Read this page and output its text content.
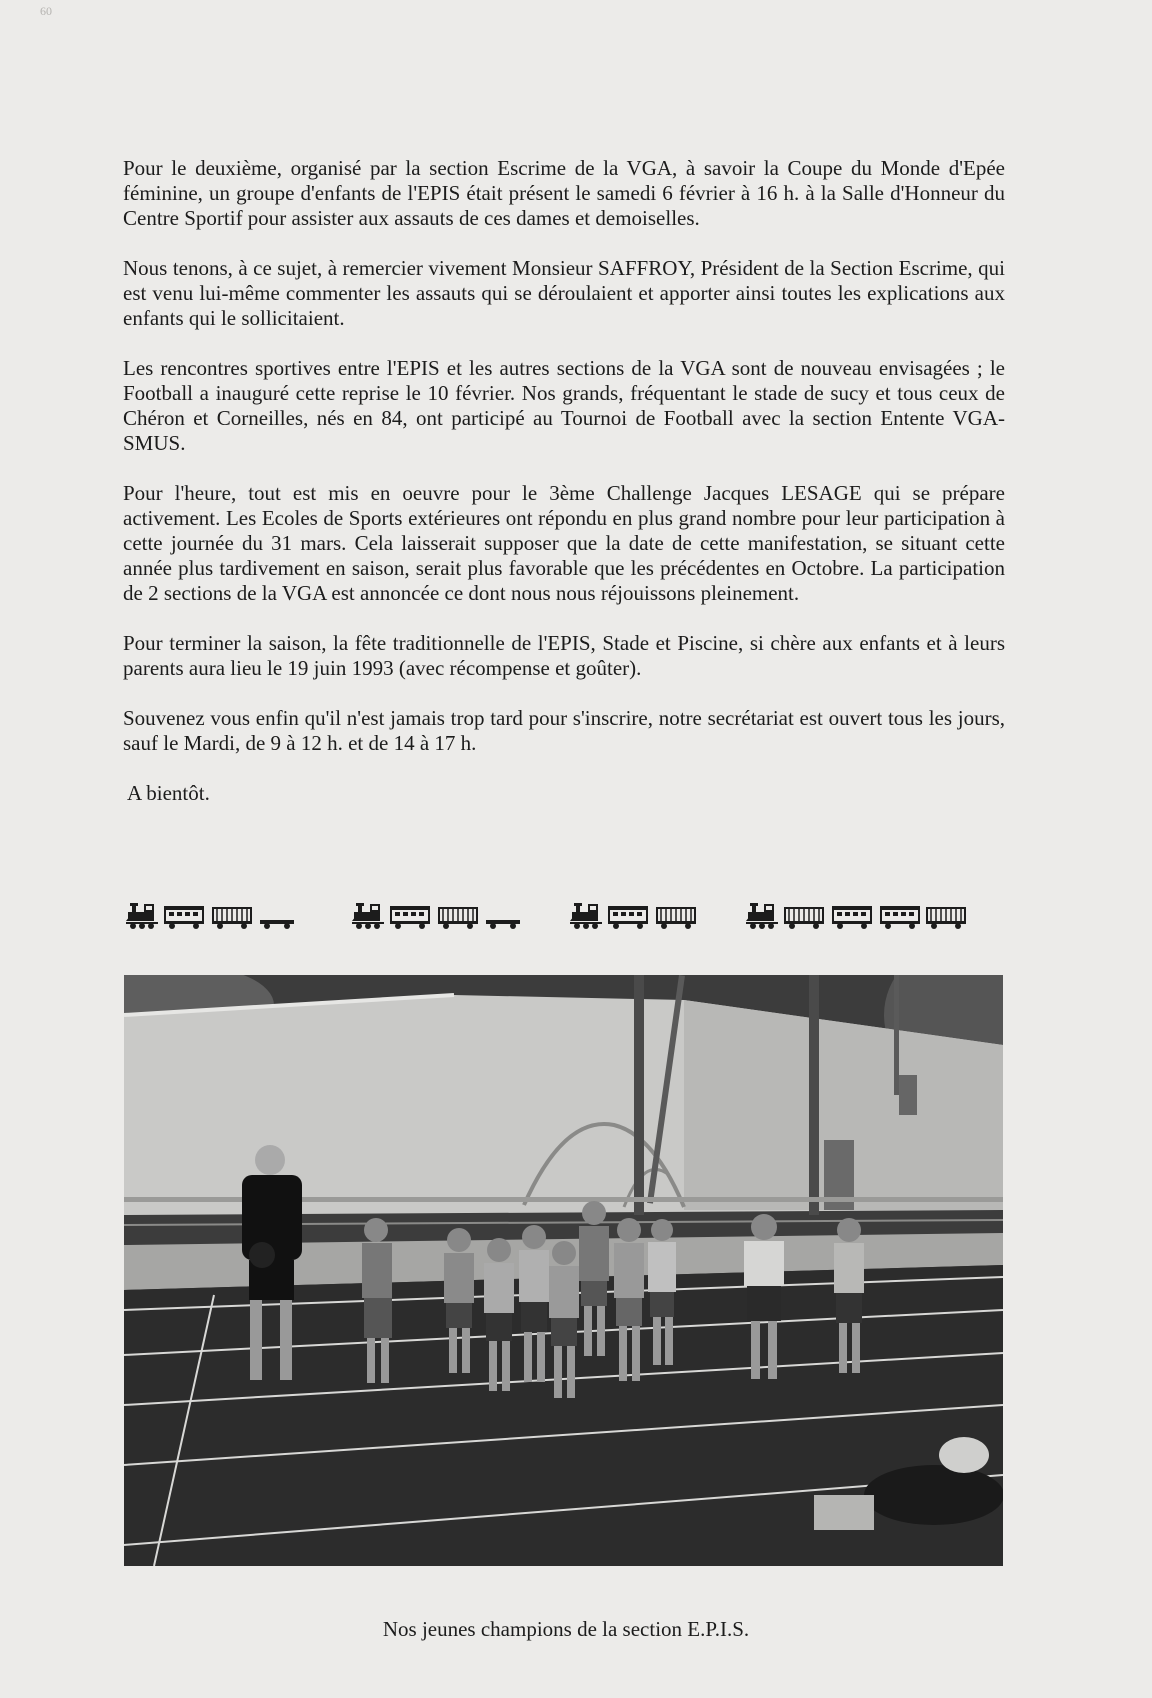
60

Pour le deuxième, organisé par la section Escrime de la VGA, à savoir la Coupe du Monde d'Epée féminine, un groupe d'enfants de l'EPIS était présent le samedi 6 février à 16 h. à la Salle d'Honneur du Centre Sportif pour assister aux assauts de ces dames et demoiselles.

Nous tenons, à ce sujet, à remercier vivement Monsieur SAFFROY, Président de la Section Escrime, qui est venu lui-même commenter les assauts qui se déroulaient et apporter ainsi toutes les explications aux enfants qui le sollicitaient.

Les rencontres sportives entre l'EPIS et les autres sections de la VGA sont de nouveau envisagées ; le Football a inauguré cette reprise le 10 février. Nos grands, fréquentant le stade de sucy et tous ceux de Chéron et Corneilles, nés en 84, ont participé au Tournoi de Football avec la section Entente VGA-SMUS.

Pour l'heure, tout est mis en oeuvre pour le 3ème Challenge Jacques LESAGE qui se prépare activement. Les Ecoles de Sports extérieures ont répondu en plus grand nombre pour leur participation à cette journée du 31 mars. Cela laisserait supposer que la date de cette manifestation, se situant cette année plus tardivement en saison, serait plus favorable que les précédentes en Octobre. La participation de 2 sections de la VGA est annoncée ce dont nous nous réjouissons pleinement.

Pour terminer la saison, la fête traditionnelle de l'EPIS, Stade et Piscine, si chère aux enfants et à leurs parents aura lieu le 19 juin 1993 (avec récompense et goûter).

Souvenez vous enfin qu'il n'est jamais trop tard pour s'inscrire, notre secrétariat est ouvert tous les jours, sauf le Mardi, de 9 à 12 h. et de 14 à 17 h.

A bientôt.

Nos jeunes champions de la section E.P.I.S.
